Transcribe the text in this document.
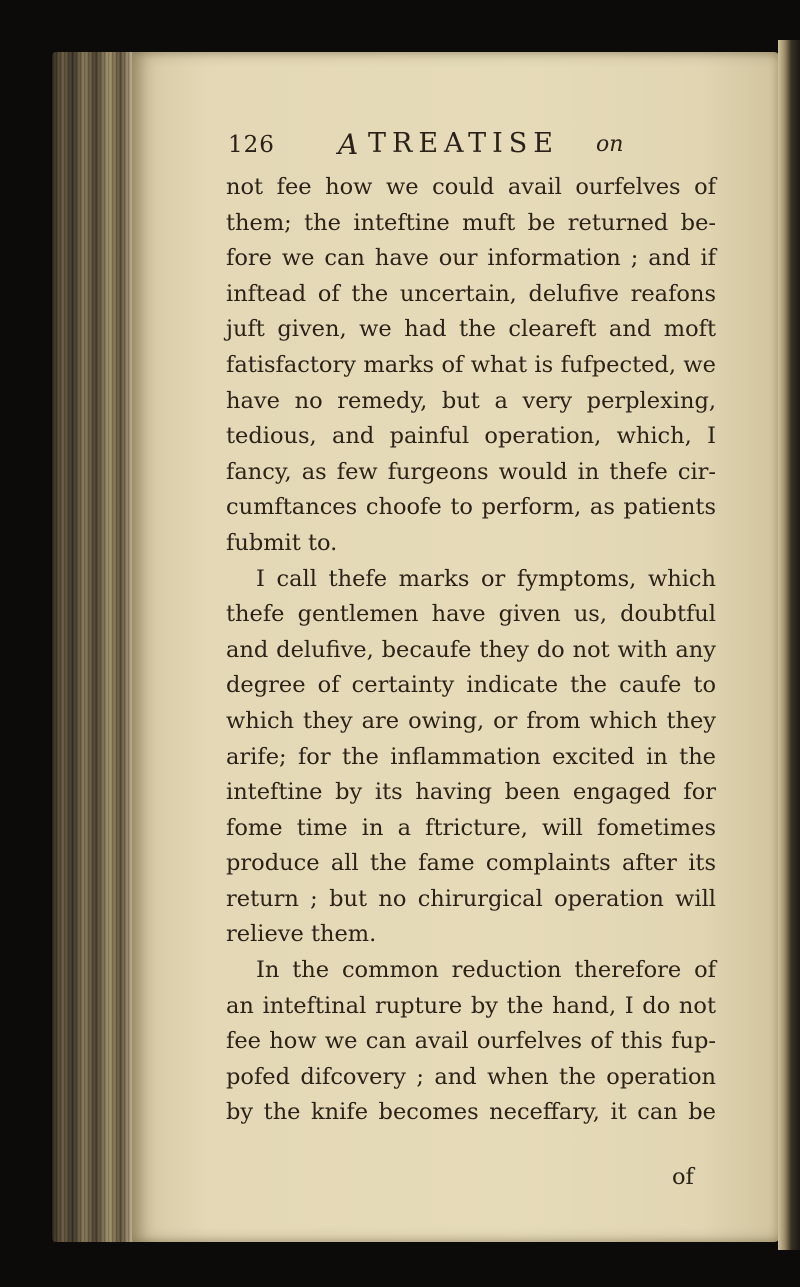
126 A TREATISE on
not fee how we could avail ourfelves of
them; the inteftine muft be returned be-
fore we can have our information ; and if
inftead of the uncertain, delufive reafons
juft given, we had the cleareft and moft
fatisfactory marks of what is fufpected, we
have no remedy, but a very perplexing,
tedious, and painful operation, which, I
fancy, as few furgeons would in thefe cir-
cumftances choofe to perform, as patients
fubmit to.
I call thefe marks or fymptoms, which
thefe gentlemen have given us, doubtful
and delufive, becaufe they do not with any
degree of certainty indicate the caufe to
which they are owing, or from which they
arife; for the inflammation excited in the
inteftine by its having been engaged for
fome time in a ftricture, will fometimes
produce all the fame complaints after its
return ; but no chirurgical operation will
relieve them.
In the common reduction therefore of
an inteftinal rupture by the hand, I do not
fee how we can avail ourfelves of this fup-
pofed difcovery ; and when the operation
by the knife becomes neceffary, it can be
of
